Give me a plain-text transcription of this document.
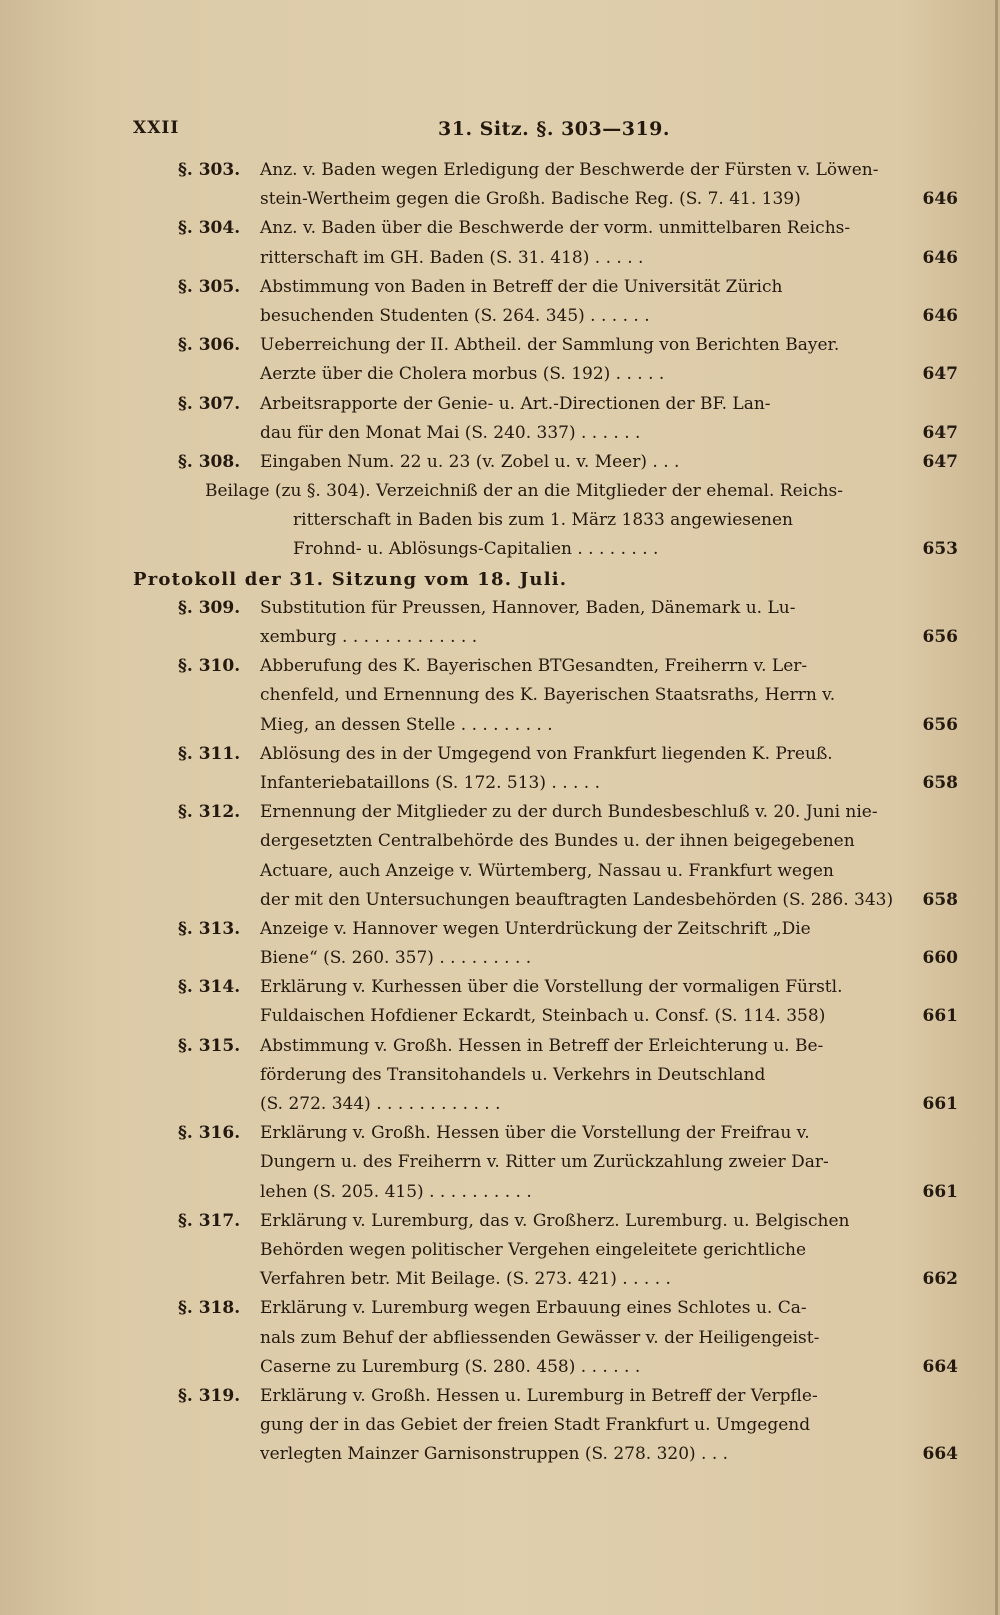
XXII	31. Sitz. §. 303—319.
§. 303. Anz. v. Baden wegen Erledigung der Beschwerde der Fürsten v. Löwen-
stein-Wertheim gegen die Großh. Badische Reg. (S. 7. 41. 139)	646
§. 304. Anz. v. Baden über die Beschwerde der vorm. unmittelbaren Reichs-
ritterschaft im GH. Baden (S. 31. 418) . . . . .	646
§. 305. Abstimmung von Baden in Betreff der die Universität Zürich
besuchenden Studenten (S. 264. 345) . . . . . .	646
§. 306. Ueberreichung der II. Abtheil. der Sammlung von Berichten Bayer.
Aerzte über die Cholera morbus (S. 192) . . . . .	647
§. 307. Arbeitsrapporte der Genie- u. Art.-Directionen der BF. Lan-
dau für den Monat Mai (S. 240. 337) . . . . . .	647
§. 308. Eingaben Num. 22 u. 23 (v. Zobel u. v. Meer) . . .	647
Beilage (zu §. 304). Verzeichniß der an die Mitglieder der ehemal. Reichs-
ritterschaft in Baden bis zum 1. März 1833 angewiesenen
Frohnd- u. Ablösungs-Capitalien . . . . . . . .	653
Protokoll der 31. Sitzung vom 18. Juli.
§. 309. Substitution für Preussen, Hannover, Baden, Dänemark u. Lu-
xemburg . . . . . . . . . . . . .	656
§. 310. Abberufung des K. Bayerischen BTGesandten, Freiherrn v. Ler-
chenfeld, und Ernennung des K. Bayerischen Staatsraths, Herrn v.
Mieg, an dessen Stelle . . . . . . . . .	656
§. 311. Ablösung des in der Umgegend von Frankfurt liegenden K. Preuß.
Infanteriebataillons (S. 172. 513) . . . . .	658
§. 312. Ernennung der Mitglieder zu der durch Bundesbeschluß v. 20. Juni nie-
dergesetzten Centralbehörde des Bundes u. der ihnen beigegebenen
Actuare, auch Anzeige v. Würtemberg, Nassau u. Frankfurt wegen
der mit den Untersuchungen beauftragten Landesbehörden (S. 286. 343)	658
§. 313. Anzeige v. Hannover wegen Unterdrückung der Zeitschrift „Die
Biene“ (S. 260. 357) . . . . . . . . .	660
§. 314. Erklärung v. Kurhessen über die Vorstellung der vormaligen Fürstl.
Fuldaischen Hofdiener Eckardt, Steinbach u. Consf. (S. 114. 358)	661
§. 315. Abstimmung v. Großh. Hessen in Betreff der Erleichterung u. Be-
förderung des Transitohandels u. Verkehrs in Deutschland
(S. 272. 344) . . . . . . . . . . . .	661
§. 316. Erklärung v. Großh. Hessen über die Vorstellung der Freifrau v.
Dungern u. des Freiherrn v. Ritter um Zurückzahlung zweier Dar-
lehen (S. 205. 415) . . . . . . . . . .	661
§. 317. Erklärung v. Luremburg, das v. Großherz. Luremburg. u. Belgischen
Behörden wegen politischer Vergehen eingeleitete gerichtliche
Verfahren betr. Mit Beilage. (S. 273. 421) . . . . .	662
§. 318. Erklärung v. Luremburg wegen Erbauung eines Schlotes u. Ca-
nals zum Behuf der abfliessenden Gewässer v. der Heiligengeist-
Caserne zu Luremburg (S. 280. 458) . . . . . .	664
§. 319. Erklärung v. Großh. Hessen u. Luremburg in Betreff der Verpfle-
gung der in das Gebiet der freien Stadt Frankfurt u. Umgegend
verlegten Mainzer Garnisonstruppen (S. 278. 320) . . .	664
